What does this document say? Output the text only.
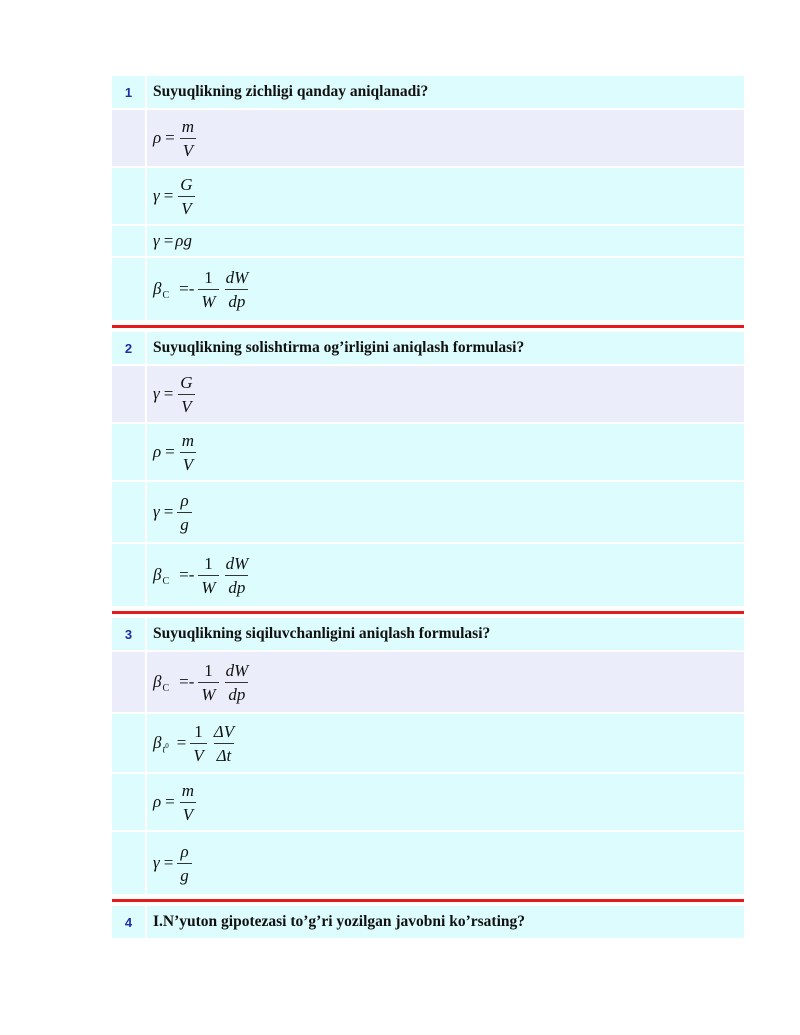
1	Suyuqlikning zichligi qanday aniqlanadi?
$\rho = \frac{m}{V}$
$\gamma = \frac{G}{V}$
γ = ρg
β $C =- \frac{1}{W} \frac{dW}{dp}$
2	Suyuqlikning solishtirma og’irligini aniqlash formulasi?
$\gamma = \frac{G}{V}$
$\rho = \frac{m}{V}$
$\gamma = \frac{\rho}{g}$
β $C =- \frac{1}{W} \frac{dW}{dp}$
3	Suyuqlikning siqiluvchanligini aniqlash formulasi?
β $C =- \frac{1}{W} \frac{dW}{dp}$
β $t^0 = \frac{1}{V} \frac{\Delta V}{\Delta t}$
$\rho = \frac{m}{V}$
$\gamma = \frac{\rho}{g}$
4	I.N’yuton gipotezasi to’g’ri yozilgan javobni ko’rsating?
